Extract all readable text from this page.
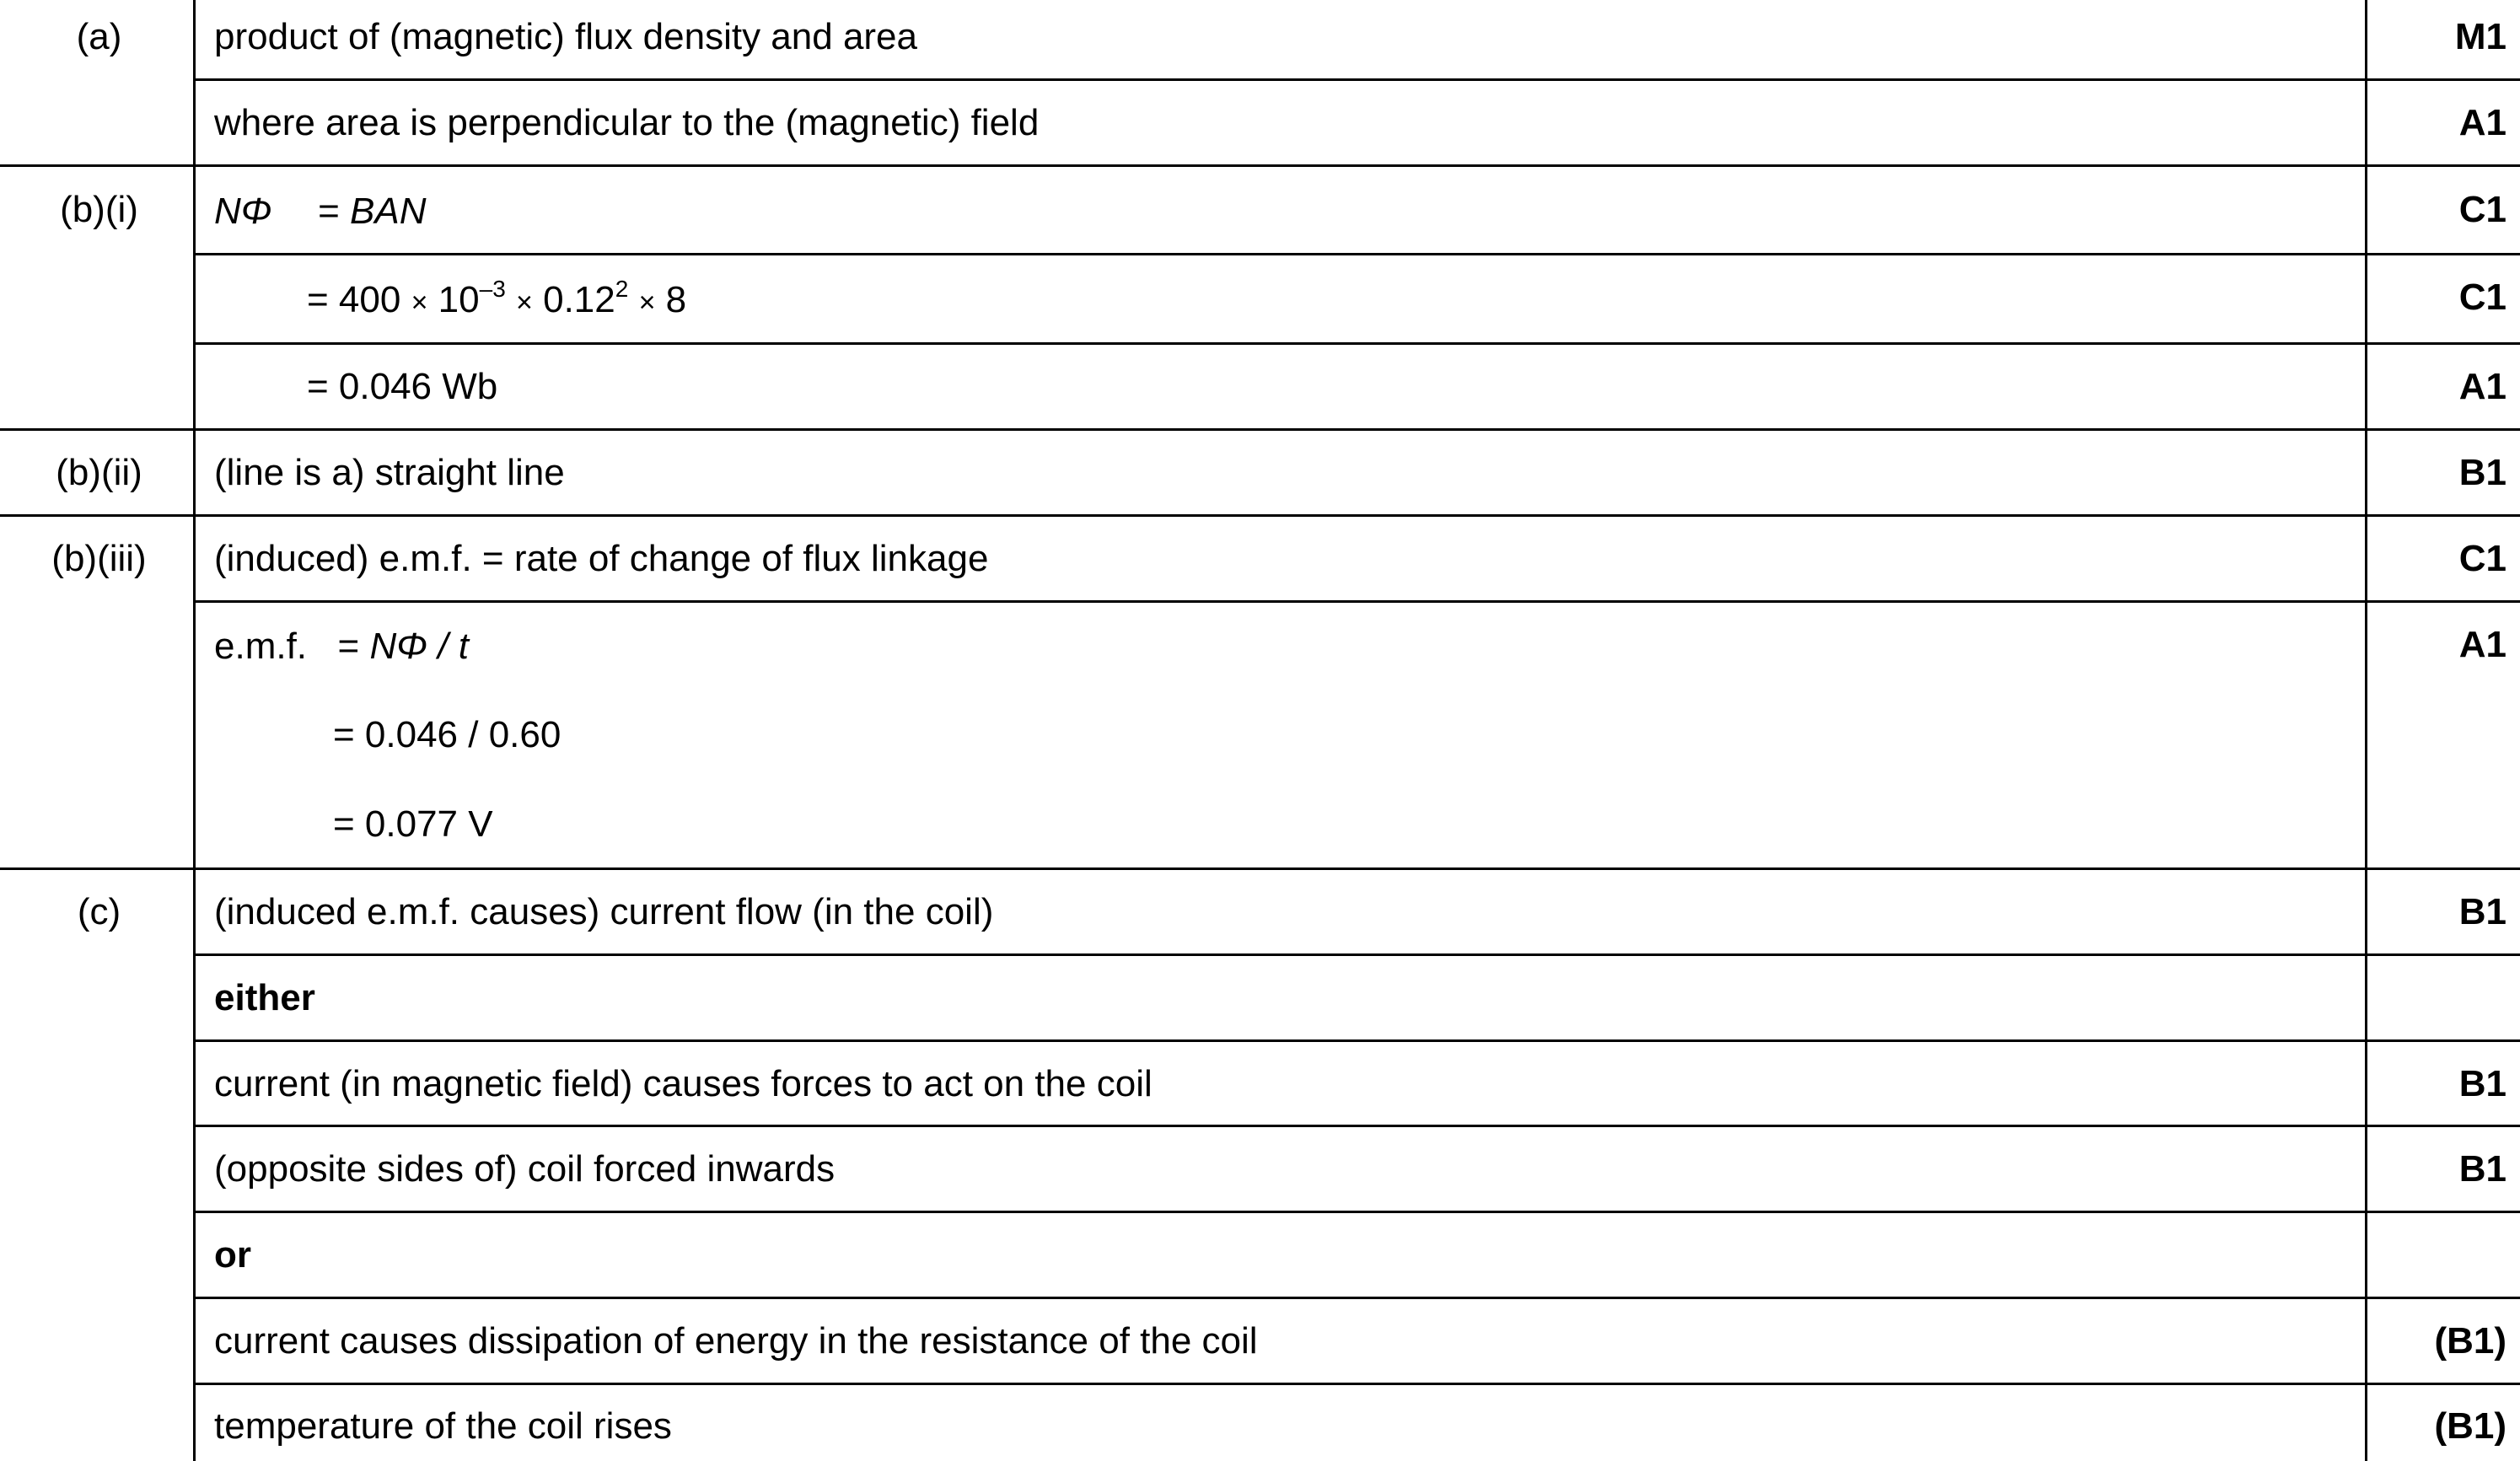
(a)	product of (magnetic) flux density and area	M1
where area is perpendicular to the (magnetic) field	A1
(b)(i)	NΦ = BAN	C1
= $400 \times 10^{-3} \times 0.12^2 \times 8$	C1
= 0.046 Wb	A1
(b)(ii)	(line is a) straight line	B1
(b)(iii)	(induced) e.m.f. = rate of change of flux linkage	C1
e.m.f. = NΦ / t	A1
= 0.046 / 0.60
= 0.077 V
(c)	(induced e.m.f. causes) current flow (in the coil)	B1
either
current (in magnetic field) causes forces to act on the coil	B1
(opposite sides of) coil forced inwards	B1
or
current causes dissipation of energy in the resistance of the coil	(B1)
temperature of the coil rises	(B1)
